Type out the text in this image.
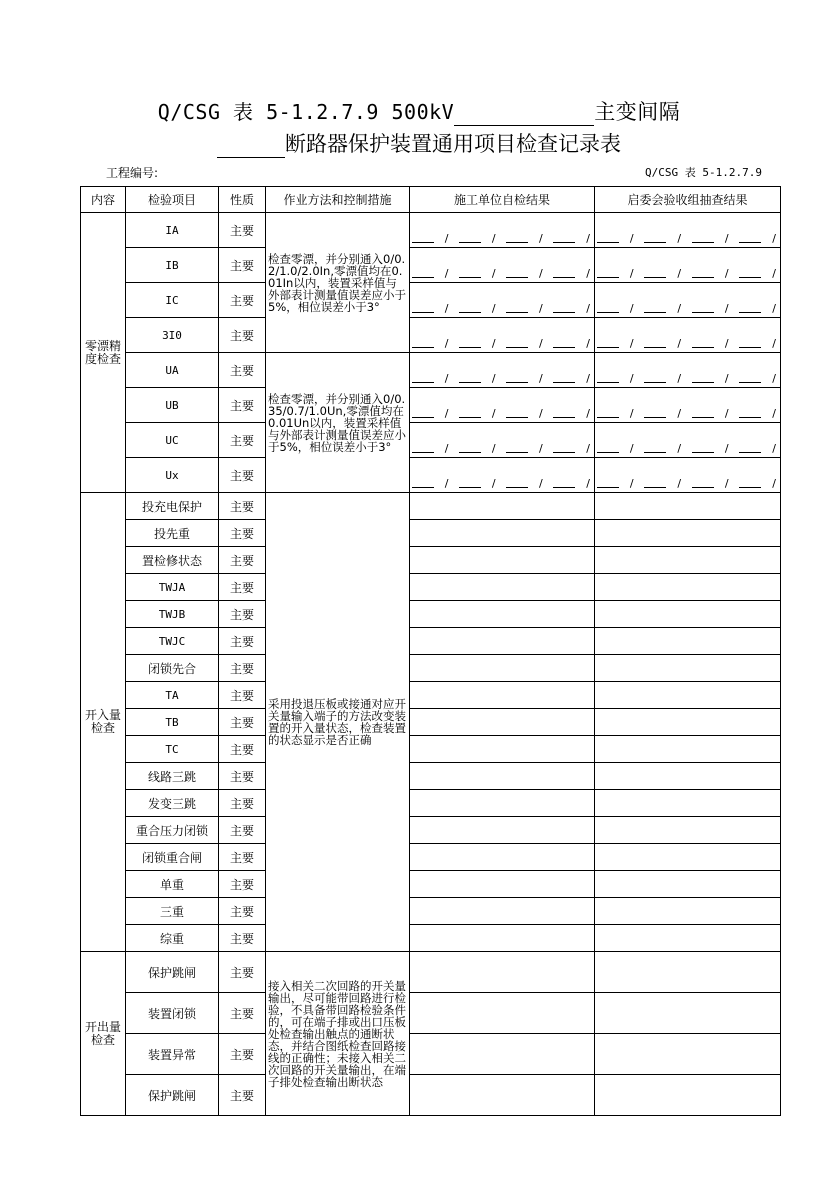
Q/CSG 表 5-1.2.7.9 500kV	主变间隔
断路器保护装置通用项目检查记录表
工程编号:	Q/CSG 表 5-1.2.7.9
内容	检验项目	性质	作业方法和控制措施	施工单位自检结果	启委会验收组抽查结果
零漂精度检查	IA	主要	检查零漂，并分别通入0/0.2/1.0/2.0In,零漂值均在0.01In以内，装置采样值与外部表计测量值误差应小于5%，相位误差小于3°	/ / / /	/ / / /

	IB	主要		/ / / /	/ / / /

	IC	主要		/ / / /	/ / / /

	3I0	主要		/ / / /	/ / / /

	UA	主要	检查零漂，并分别通入0/0.35/0.7/1.0Un,零漂值均在0.01Un以内，装置采样值与外部表计测量值误差应小于5%，相位误差小于3°	/ / / /	/ / / /

	UB	主要		/ / / /	/ / / /

	UC	主要		/ / / /	/ / / /

	Ux	主要		/ / / /	/ / / /

开入量检查	投充电保护	主要	采用投退压板或接通对应开关量输入端子的方法改变装置的开入量状态，检查装置的状态显示是否正确		
	投先重	主要			
	置检修状态	主要			
	TWJA	主要			
	TWJB	主要			
	TWJC	主要			
	闭锁先合	主要			
	TA	主要			
	TB	主要			
	TC	主要			
	线路三跳	主要			
	发变三跳	主要			
	重合压力闭锁	主要			
	闭锁重合闸	主要			
	单重	主要			
	三重	主要			
	综重	主要			
开出量检查	保护跳闸	主要	接入相关二次回路的开关量输出，尽可能带回路进行检验，不具备带回路检验条件的，可在端子排或出口压板处检查输出触点的通断状态，并结合图纸检查回路接线的正确性；未接入相关二次回路的开关量输出，在端子排处检查输出断状态		
	装置闭锁	主要			
	装置异常	主要			
	保护跳闸	主要			
